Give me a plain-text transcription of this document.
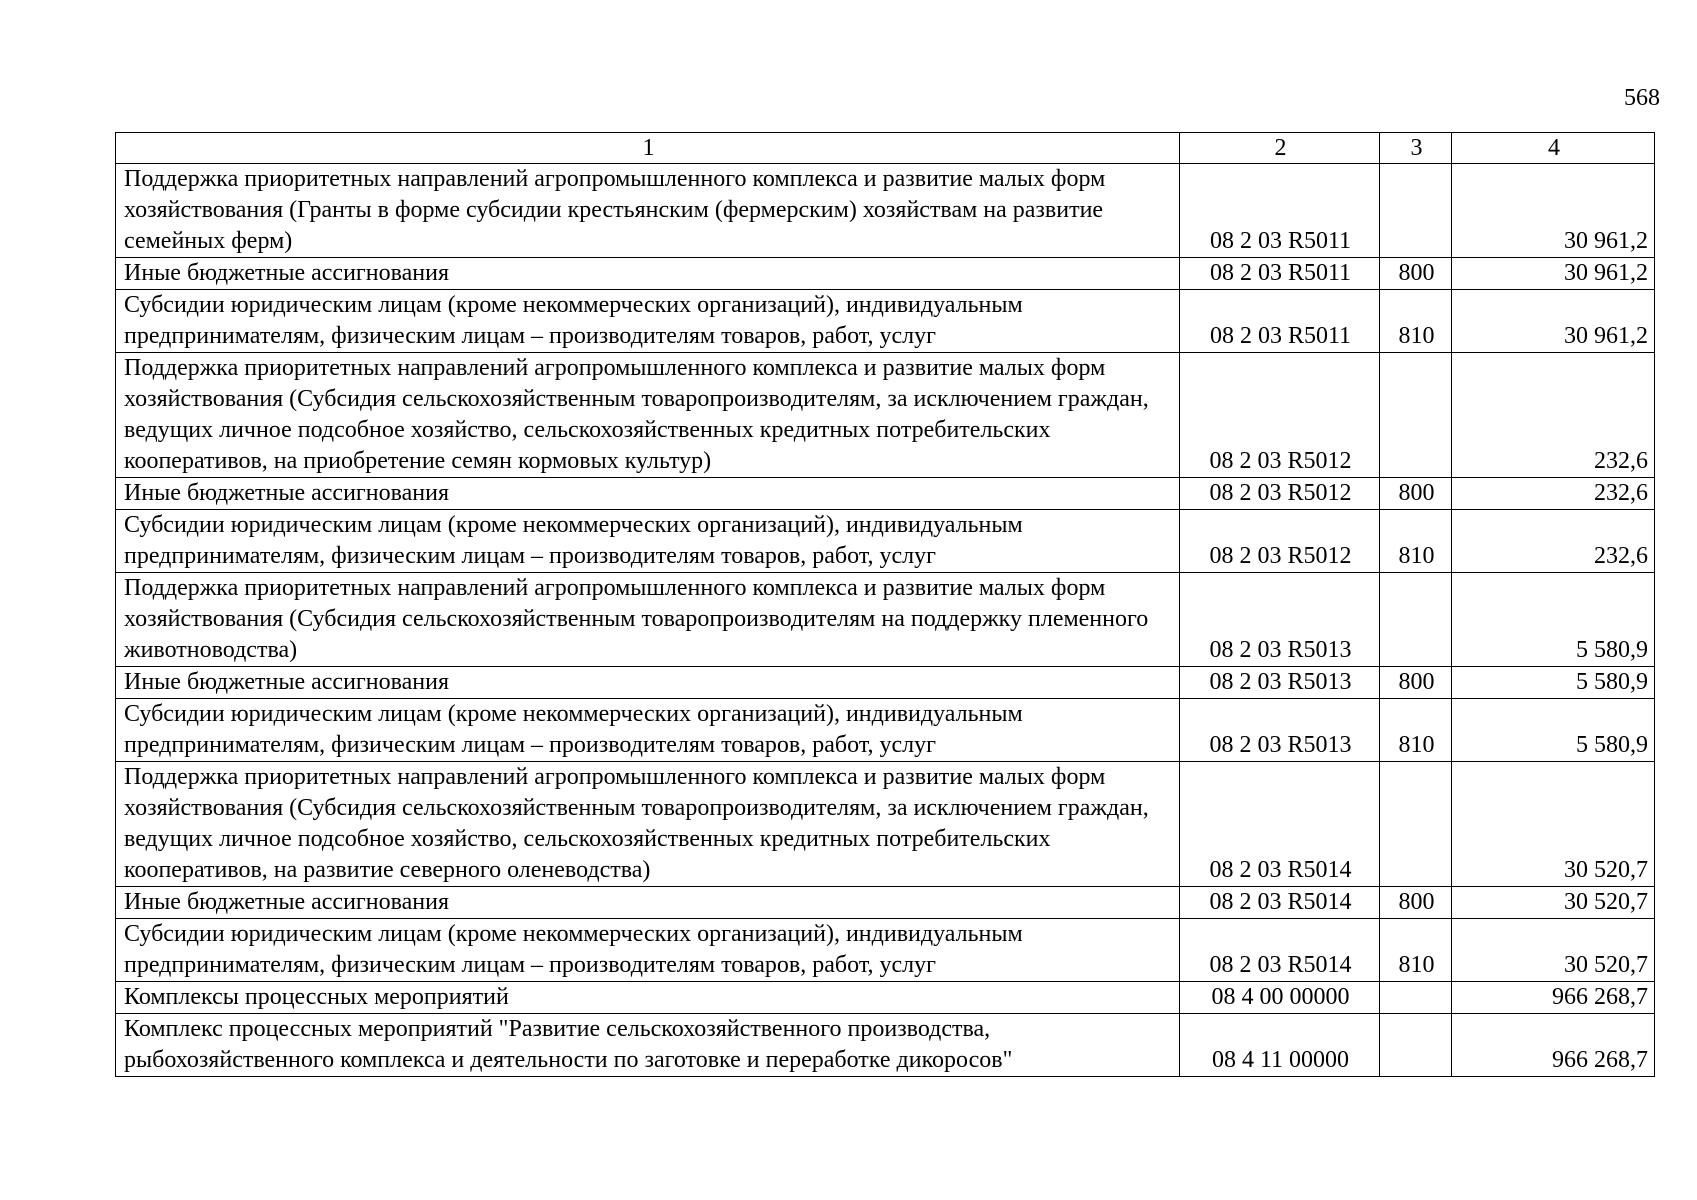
568
1	2	3	4
Поддержка приоритетных направлений агропромышленного комплекса и развитие малых форм хозяйствования (Гранты в форме субсидии крестьянским (фермерским) хозяйствам на развитие семейных ферм)	08 2 03 R5011		30 961,2
Иные бюджетные ассигнования	08 2 03 R5011	800	30 961,2
Субсидии юридическим лицам (кроме некоммерческих организаций), индивидуальным предпринимателям, физическим лицам – производителям товаров, работ, услуг	08 2 03 R5011	810	30 961,2
Поддержка приоритетных направлений агропромышленного комплекса и развитие малых форм хозяйствования (Субсидия сельскохозяйственным товаропроизводителям, за исключением граждан, ведущих личное подсобное хозяйство, сельскохозяйственных кредитных потребительских кооперативов, на приобретение семян кормовых культур)	08 2 03 R5012		232,6
Иные бюджетные ассигнования	08 2 03 R5012	800	232,6
Субсидии юридическим лицам (кроме некоммерческих организаций), индивидуальным предпринимателям, физическим лицам – производителям товаров, работ, услуг	08 2 03 R5012	810	232,6
Поддержка приоритетных направлений агропромышленного комплекса и развитие малых форм хозяйствования (Субсидия сельскохозяйственным товаропроизводителям на поддержку племенного животноводства)	08 2 03 R5013		5 580,9
Иные бюджетные ассигнования	08 2 03 R5013	800	5 580,9
Субсидии юридическим лицам (кроме некоммерческих организаций), индивидуальным предпринимателям, физическим лицам – производителям товаров, работ, услуг	08 2 03 R5013	810	5 580,9
Поддержка приоритетных направлений агропромышленного комплекса и развитие малых форм хозяйствования (Субсидия сельскохозяйственным товаропроизводителям, за исключением граждан, ведущих личное подсобное хозяйство, сельскохозяйственных кредитных потребительских кооперативов, на развитие северного оленеводства)	08 2 03 R5014		30 520,7
Иные бюджетные ассигнования	08 2 03 R5014	800	30 520,7
Субсидии юридическим лицам (кроме некоммерческих организаций), индивидуальным предпринимателям, физическим лицам – производителям товаров, работ, услуг	08 2 03 R5014	810	30 520,7
Комплексы процессных мероприятий	08 4 00 00000		966 268,7
Комплекс процессных мероприятий "Развитие сельскохозяйственного производства, рыбохозяйственного комплекса и деятельности по заготовке и переработке дикоросов"	08 4 11 00000		966 268,7
